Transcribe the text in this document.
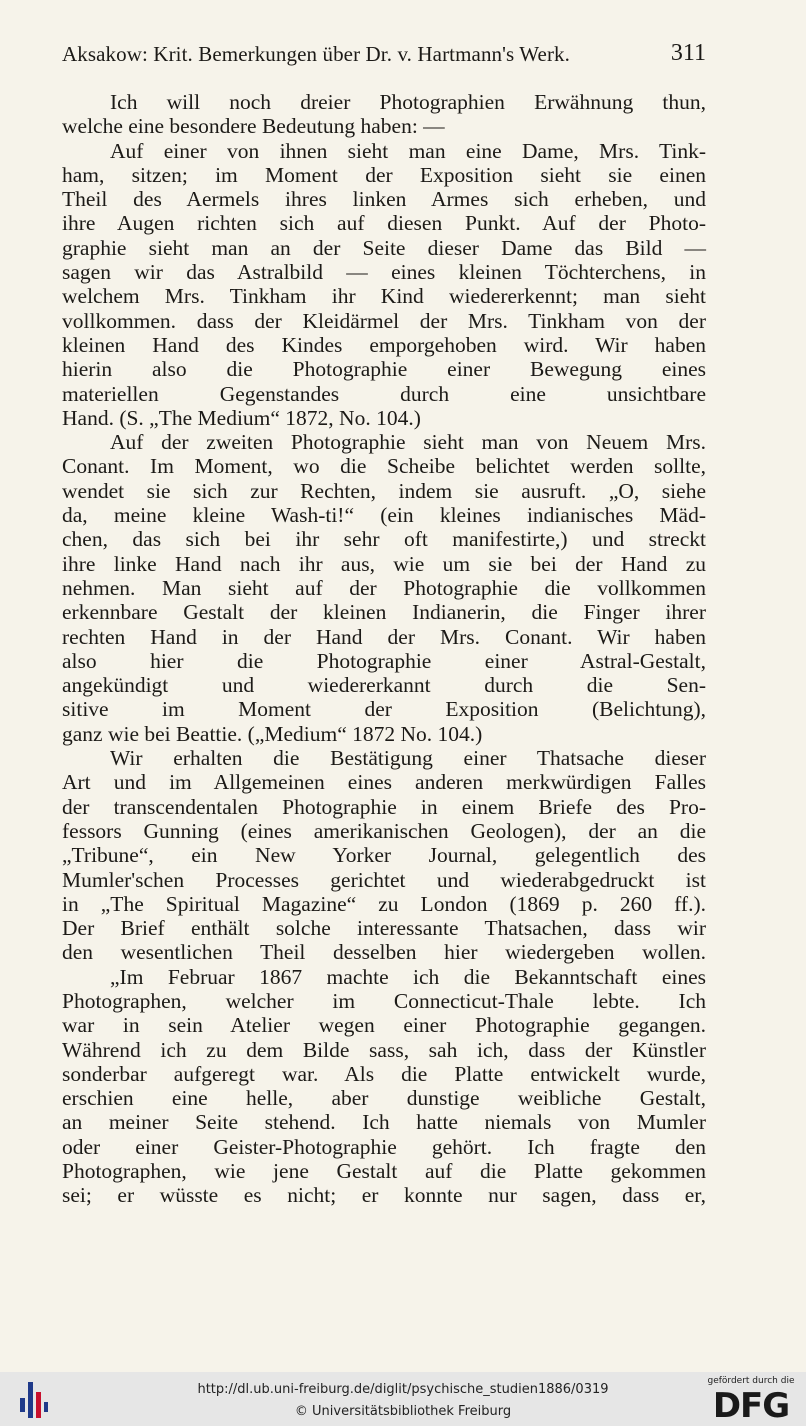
Aksakow: Krit. Bemerkungen über Dr. v. Hartmann's Werk.	311
Ich will noch dreier Photographien Erwähnung thun,
welche eine besondere Bedeutung haben: —
Auf einer von ihnen sieht man eine Dame, Mrs. Tink-
ham, sitzen; im Moment der Exposition sieht sie einen
Theil des Aermels ihres linken Armes sich erheben, und
ihre Augen richten sich auf diesen Punkt. Auf der Photo-
graphie sieht man an der Seite dieser Dame das Bild —
sagen wir das Astralbild — eines kleinen Töchterchens, in
welchem Mrs. Tinkham ihr Kind wiedererkennt; man sieht
vollkommen. dass der Kleidärmel der Mrs. Tinkham von der
kleinen Hand des Kindes emporgehoben wird. Wir haben
hierin also die Photographie einer Bewegung eines
materiellen Gegenstandes durch eine unsichtbare
Hand. (S. „The Medium“ 1872, No. 104.)
Auf der zweiten Photographie sieht man von Neuem Mrs.
Conant. Im Moment, wo die Scheibe belichtet werden sollte,
wendet sie sich zur Rechten, indem sie ausruft. „O, siehe
da, meine kleine Wash-ti!“ (ein kleines indianisches Mäd-
chen, das sich bei ihr sehr oft manifestirte,) und streckt
ihre linke Hand nach ihr aus, wie um sie bei der Hand zu
nehmen. Man sieht auf der Photographie die vollkommen
erkennbare Gestalt der kleinen Indianerin, die Finger ihrer
rechten Hand in der Hand der Mrs. Conant. Wir haben
also hier die Photographie einer Astral-Gestalt,
angekündigt und wiedererkannt durch die Sen-
sitive im Moment der Exposition (Belichtung),
ganz wie bei Beattie. („Medium“ 1872 No. 104.)
Wir erhalten die Bestätigung einer Thatsache dieser
Art und im Allgemeinen eines anderen merkwürdigen Falles
der transcendentalen Photographie in einem Briefe des Pro-
fessors Gunning (eines amerikanischen Geologen), der an die
„Tribune“, ein New Yorker Journal, gelegentlich des
Mumler'schen Processes gerichtet und wiederabgedruckt ist
in „The Spiritual Magazine“ zu London (1869 p. 260 ff.).
Der Brief enthält solche interessante Thatsachen, dass wir
den wesentlichen Theil desselben hier wiedergeben wollen.
„Im Februar 1867 machte ich die Bekanntschaft eines
Photographen, welcher im Connecticut-Thale lebte. Ich
war in sein Atelier wegen einer Photographie gegangen.
Während ich zu dem Bilde sass, sah ich, dass der Künstler
sonderbar aufgeregt war. Als die Platte entwickelt wurde,
erschien eine helle, aber dunstige weibliche Gestalt,
an meiner Seite stehend. Ich hatte niemals von Mumler
oder einer Geister-Photographie gehört. Ich fragte den
Photographen, wie jene Gestalt auf die Platte gekommen
sei; er wüsste es nicht; er konnte nur sagen, dass er,
http://dl.ub.uni-freiburg.de/diglit/psychische_studien1886/0319
© Universitätsbibliothek Freiburg
gefördert durch die
DFG
